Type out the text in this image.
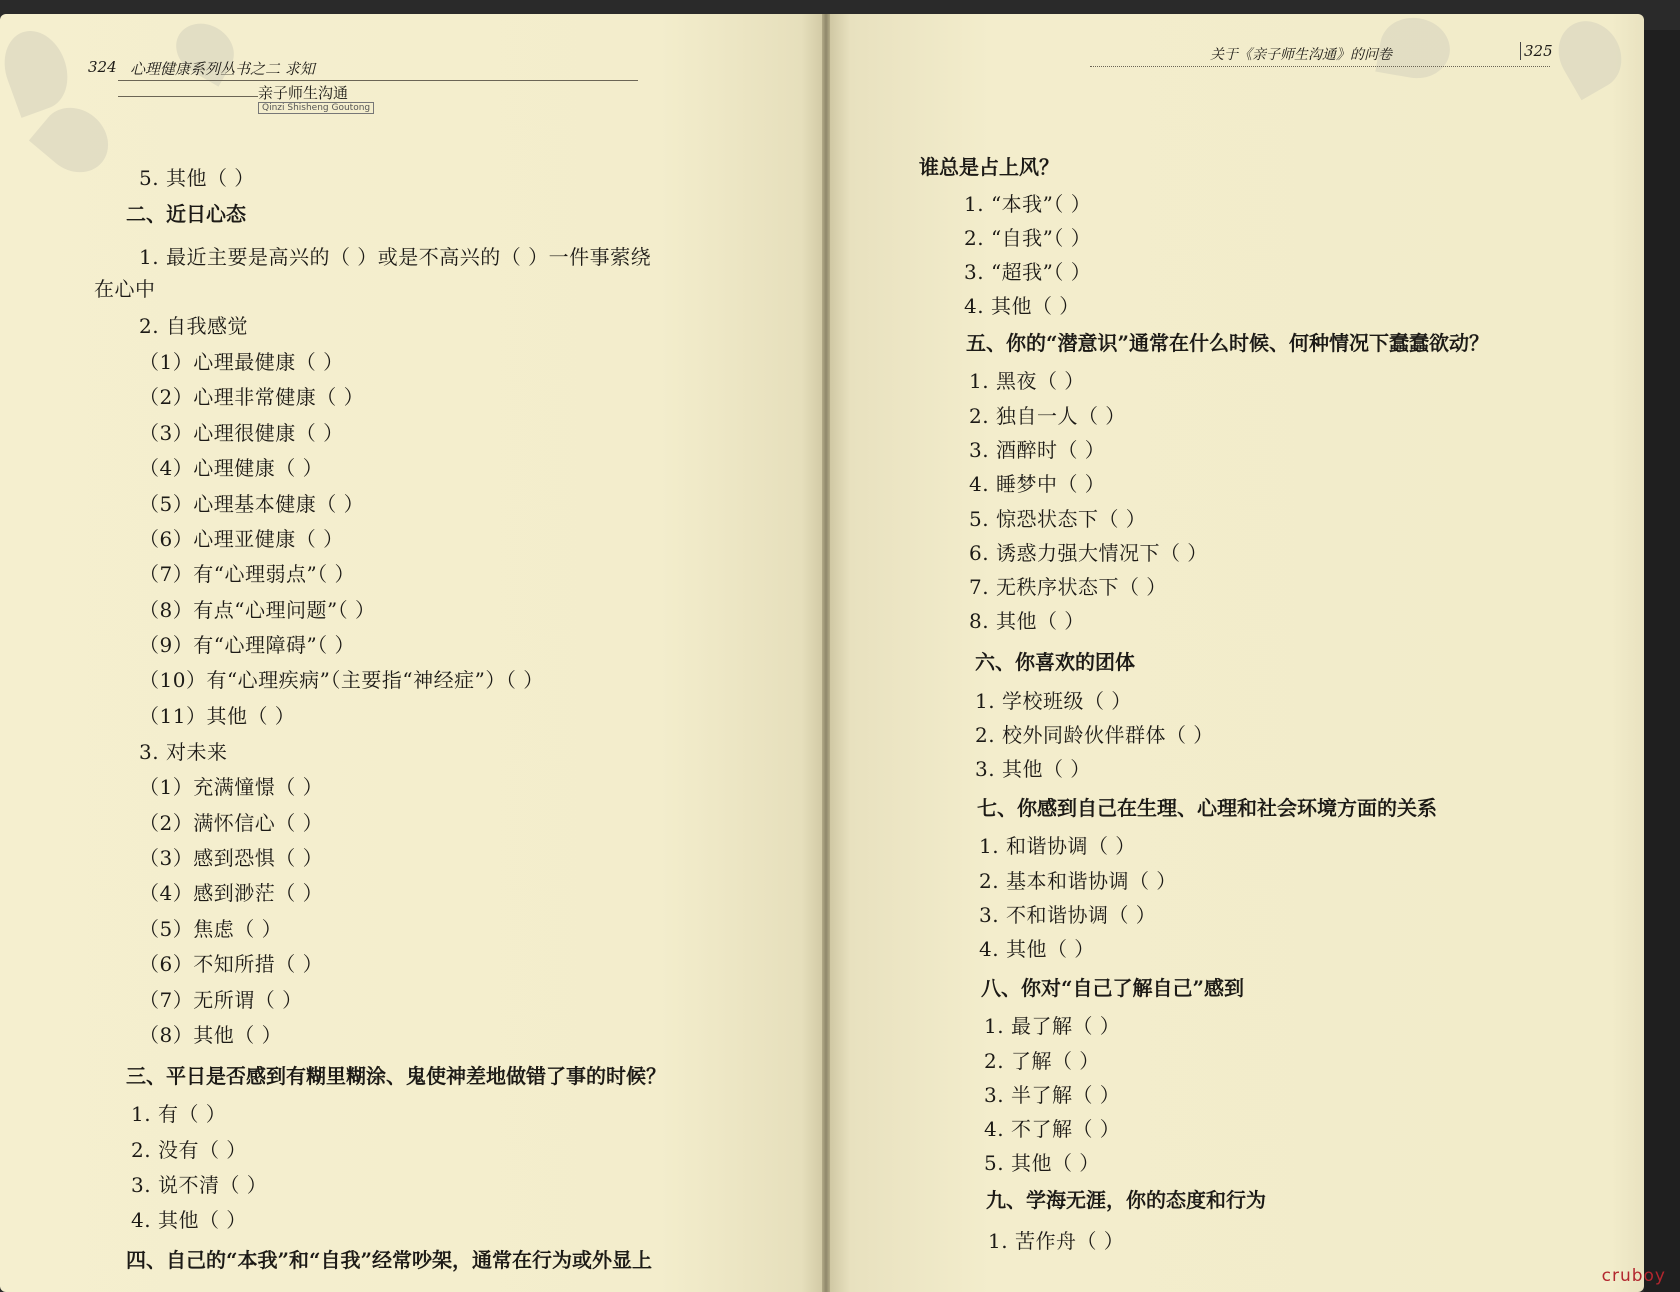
324 心理健康系列丛书之二 求知
亲子师生沟通
Qinzi Shisheng Goutong
关于《亲子师生沟通》的问卷	325
5. 其他（ ）
二、近日心态
1. 最近主要是高兴的（ ）或是不高兴的（ ）一件事萦绕
在心中
2. 自我感觉
（1）心理最健康（ ）
（2）心理非常健康（ ）
（3）心理很健康（ ）
（4）心理健康（ ）
（5）心理基本健康（ ）
（6）心理亚健康（ ）
（7）有“心理弱点”（ ）
（8）有点“心理问题”（ ）
（9）有“心理障碍”（ ）
（10）有“心理疾病”（主要指“神经症”）（ ）
（11）其他（ ）
3. 对未来
（1）充满憧憬（ ）
（2）满怀信心（ ）
（3）感到恐惧（ ）
（4）感到渺茫（ ）
（5）焦虑（ ）
（6）不知所措（ ）
（7）无所谓（ ）
（8）其他（ ）
三、平日是否感到有糊里糊涂、鬼使神差地做错了事的时候？
1. 有（ ）
2. 没有（ ）
3. 说不清（ ）
4. 其他（ ）
四、自己的“本我”和“自我”经常吵架，通常在行为或外显上
谁总是占上风？
1. “本我”（ ）
2. “自我”（ ）
3. “超我”（ ）
4. 其他（ ）
五、你的“潜意识”通常在什么时候、何种情况下蠢蠢欲动？
1. 黑夜（ ）
2. 独自一人（ ）
3. 酒醉时（ ）
4. 睡梦中（ ）
5. 惊恐状态下（ ）
6. 诱惑力强大情况下（ ）
7. 无秩序状态下（ ）
8. 其他（ ）
六、你喜欢的团体
1. 学校班级（ ）
2. 校外同龄伙伴群体（ ）
3. 其他（ ）
七、你感到自己在生理、心理和社会环境方面的关系
1. 和谐协调（ ）
2. 基本和谐协调（ ）
3. 不和谐协调（ ）
4. 其他（ ）
八、你对“自己了解自己”感到
1. 最了解（ ）
2. 了解（ ）
3. 半了解（ ）
4. 不了解（ ）
5. 其他（ ）
九、学海无涯，你的态度和行为
1. 苦作舟（ ）
cruboy
